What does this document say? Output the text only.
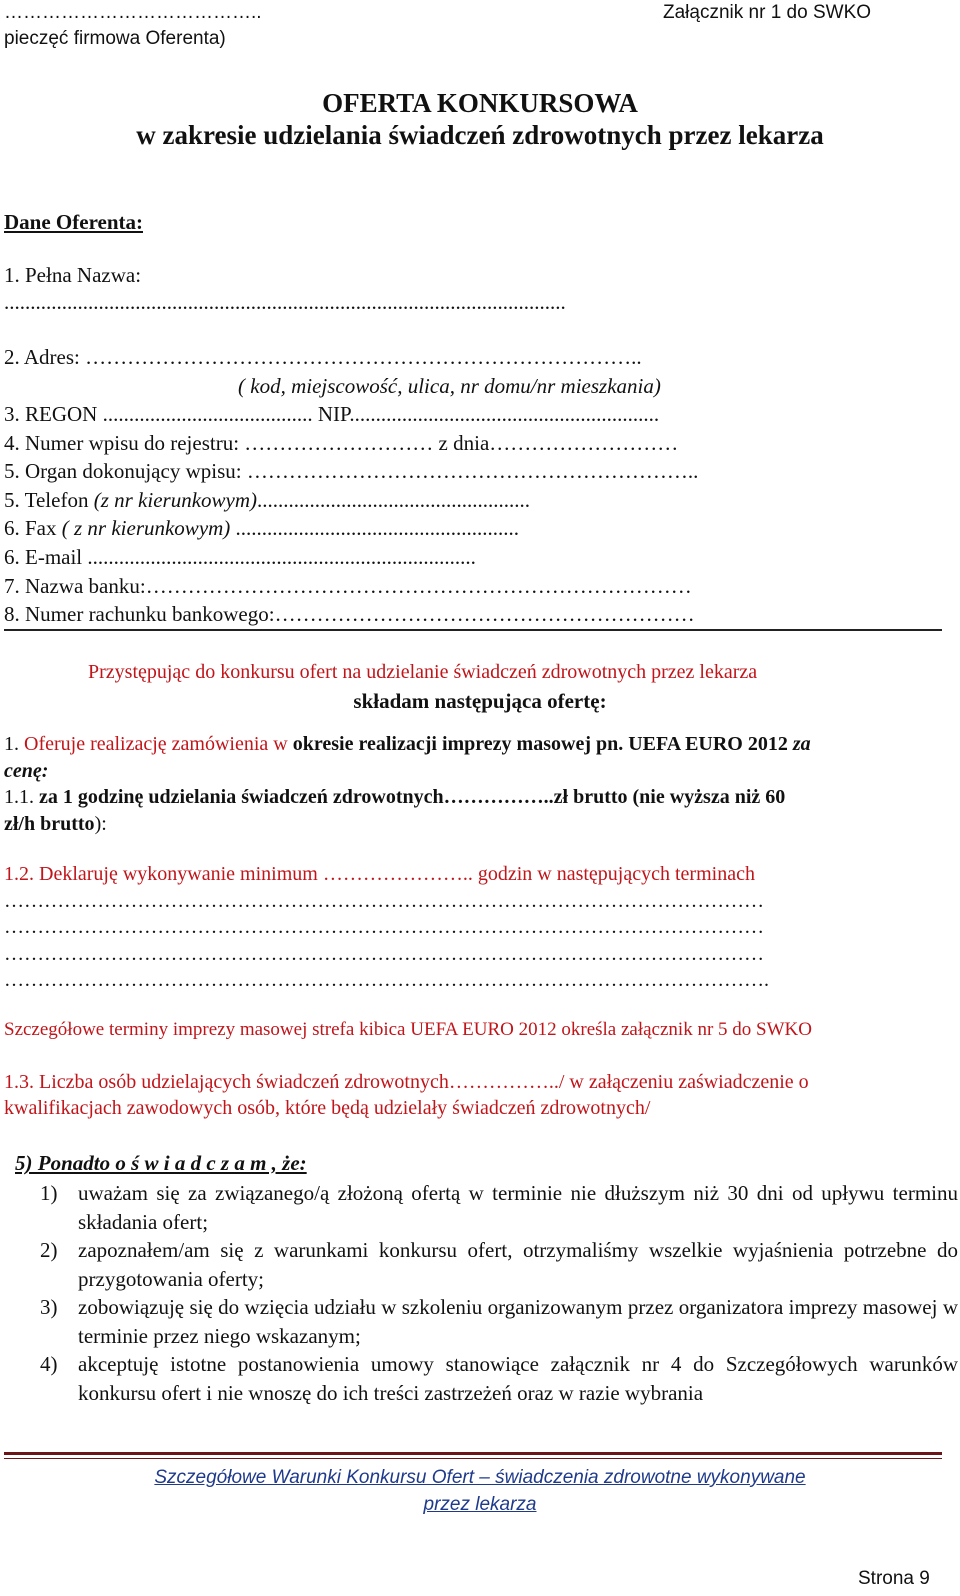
…………………………………..
pieczęć firmowa Oferenta)
Załącznik nr 1 do SWKO
OFERTA KONKURSOWA
w zakresie udzielania świadczeń zdrowotnych przez lekarza
Dane Oferenta:
1. Pełna Nazwa:
...........................................................................................................
2. Adres: ……………………………………………………………………..
( kod, miejscowość, ulica, nr domu/nr mieszkania)
3. REGON ........................................ NIP...........................................................
4. Numer wpisu do rejestru: ……………………… z dnia………………………
5. Organ dokonujący wpisu: ………………………………………………………..
5. Telefon (z nr kierunkowym)....................................................
6. Fax ( z nr kierunkowym) ......................................................
6. E-mail ..........................................................................
7. Nazwa banku:……………………………………………………………………
8. Numer rachunku bankowego:……………………………………………………
Przystępując do konkursu ofert na udzielanie świadczeń zdrowotnych przez lekarza
składam następująca ofertę:
1. Oferuje realizację zamówienia w okresie realizacji imprezy masowej pn. UEFA EURO 2012 za
cenę:
1.1. za 1 godzinę udzielania świadczeń zdrowotnych……………..zł brutto (nie wyższa niż 60
zł/h brutto):
1.2. Deklaruję wykonywanie minimum ………………….. godzin w następujących terminach
……………………………………………………………………………………………………
……………………………………………………………………………………………………
……………………………………………………………………………………………………
…………………………………………………………………………………………………….
Szczegółowe terminy imprezy masowej strefa kibica UEFA EURO 2012 określa załącznik nr 5 do SWKO
1.3. Liczba osób udzielających świadczeń zdrowotnych……………../ w załączeniu zaświadczenie o
kwalifikacjach zawodowych osób, które będą udzielały świadczeń zdrowotnych/
5) Ponadto o ś w i a d c z a m , że:
1) uważam się za związanego/ą złożoną ofertą w terminie nie dłuższym niż 30 dni od upływu terminu składania ofert;
2) zapoznałem/am się z warunkami konkursu ofert, otrzymaliśmy wszelkie wyjaśnienia potrzebne do przygotowania oferty;
3) zobowiązuję się do wzięcia udziału w szkoleniu organizowanym przez organizatora imprezy masowej w terminie przez niego wskazanym;
4) akceptuję istotne postanowienia umowy stanowiące załącznik nr 4 do Szczegółowych warunków konkursu ofert i nie wnoszę do ich treści zastrzeżeń oraz w razie wybrania
Szczegółowe Warunki Konkursu Ofert – świadczenia zdrowotne wykonywane
przez lekarza
Strona 9
